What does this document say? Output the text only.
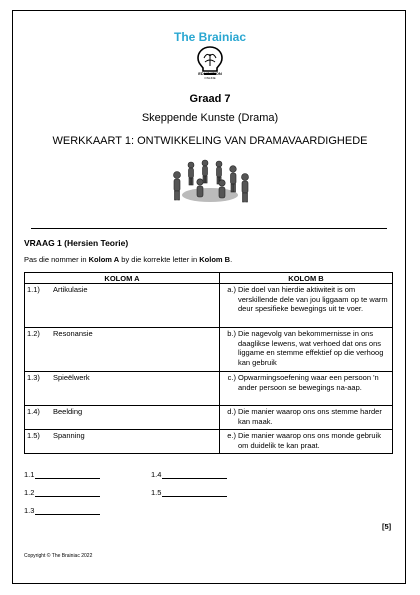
The Brainiac
EDUCATION
ONLINE
Graad 7
Skeppende Kunste (Drama)
WERKKAART 1: ONTWIKKELING VAN DRAMAVAARDIGHEDE
VRAAG 1 (Hersien Teorie)
Pas die nommer in Kolom A by die korrekte letter in Kolom B.
KOLOM A	KOLOM B
1.1) Artikulasie	a.) Die doel van hierdie aktiwiteit is om verskillende dele van jou liggaam op te warm deur spesifieke bewegings uit te voer.

1.2) Resonansie	b.) Die nagevolg van bekommernisse in ons daaglikse lewens, wat verhoed dat ons ons liggame en stemme effektief op die verhoog kan gebruik

1.3) Spieëlwerk	c.) Opwarmingsoefening waar een persoon 'n ander persoon se bewegings na-aap.

1.4) Beelding	d.) Die manier waarop ons ons stemme harder kan maak.

1.5) Spanning	e.) Die manier waarop ons ons monde gebruik om duidelik te kan praat.
1.1
1.2
1.3
1.4
1.5
[5]
Copyright © The Brainiac 2022
